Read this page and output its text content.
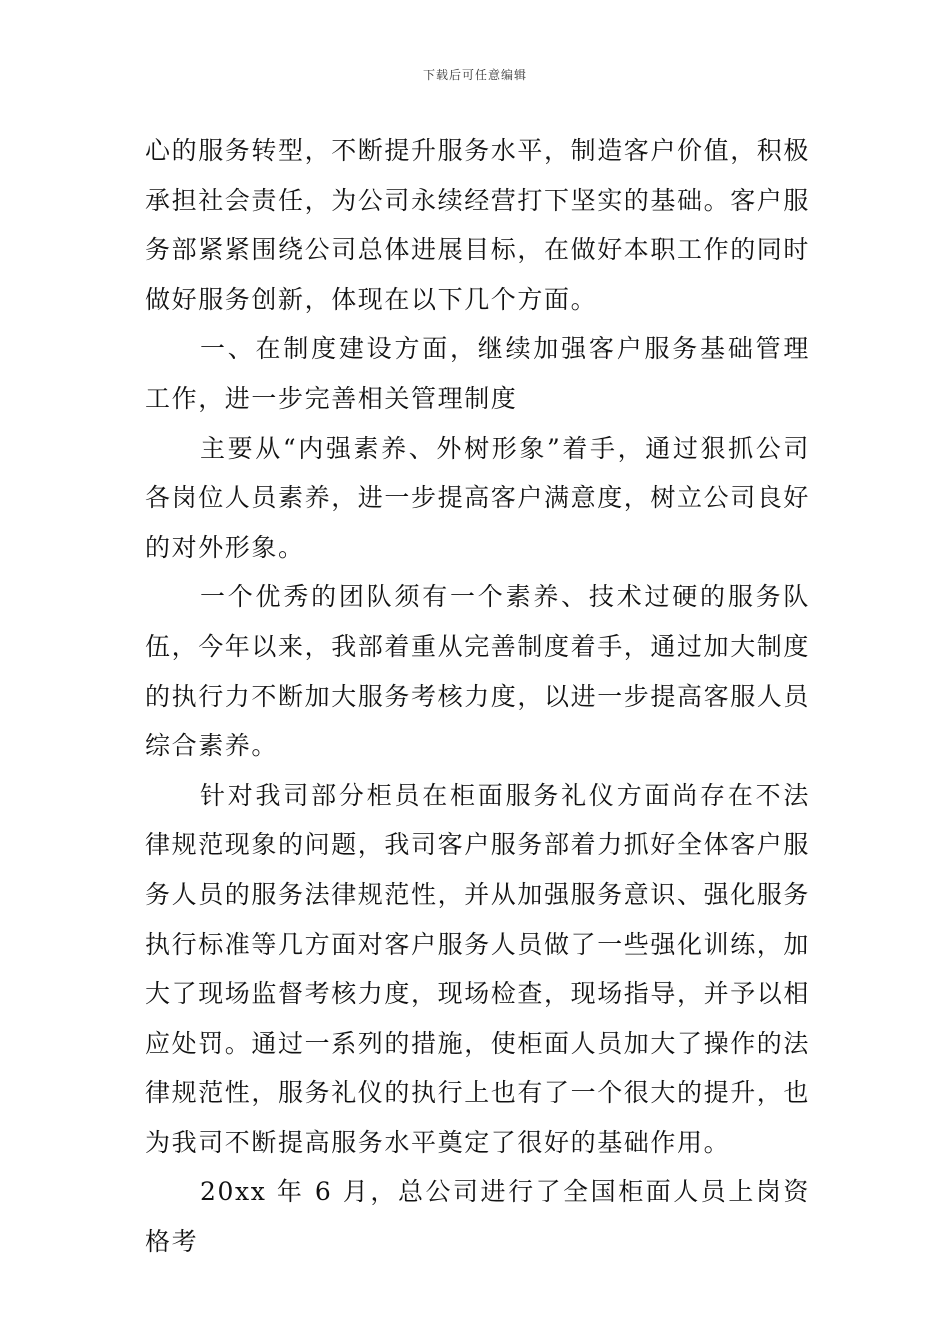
下载后可任意编辑

心的服务转型，不断提升服务水平，制造客户价值，积极承担社会责任，为公司永续经营打下坚实的基础。客户服务部紧紧围绕公司总体进展目标，在做好本职工作的同时做好服务创新，体现在以下几个方面。

一、在制度建设方面，继续加强客户服务基础管理工作，进一步完善相关管理制度

主要从“内强素养、外树形象”着手，通过狠抓公司各岗位人员素养，进一步提高客户满意度，树立公司良好的对外形象。

一个优秀的团队须有一个素养、技术过硬的服务队伍，今年以来，我部着重从完善制度着手，通过加大制度的执行力不断加大服务考核力度，以进一步提高客服人员综合素养。

针对我司部分柜员在柜面服务礼仪方面尚存在不法律规范现象的问题，我司客户服务部着力抓好全体客户服务人员的服务法律规范性，并从加强服务意识、强化服务执行标准等几方面对客户服务人员做了一些强化训练，加大了现场监督考核力度，现场检查，现场指导，并予以相应处罚。通过一系列的措施，使柜面人员加大了操作的法律规范性，服务礼仪的执行上也有了一个很大的提升，也为我司不断提高服务水平奠定了很好的基础作用。

20xx 年 6 月，总公司进行了全国柜面人员上岗资格考
